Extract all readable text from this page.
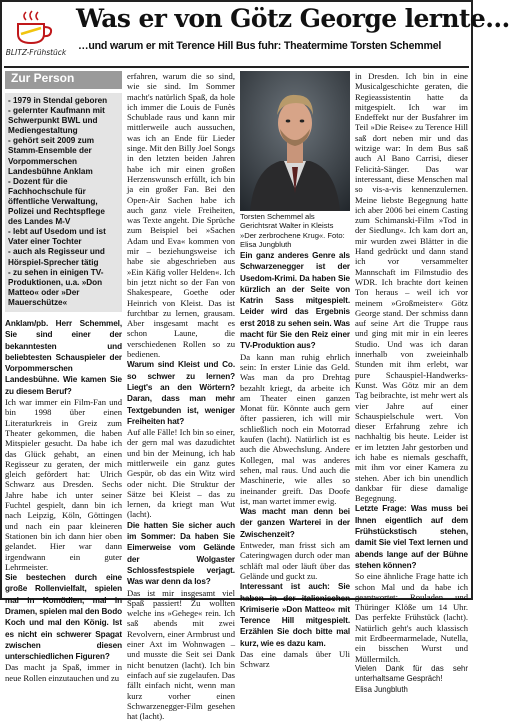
BLITZ-Frühstück
Was er von Götz George lernte…
…und warum er mit Terence Hill Bus fuhr: Theatermime Torsten Schemmel
Zur Person
- 1979 in Stendal geboren
- gelernter Kaufmann mit Schwerpunkt BWL und Mediengestaltung
- gehört seit 2009 zum Stamm-Ensemble der Vorpommerschen Landesbühne Anklam
- Dozent für die Fachhochschule für öffentliche Verwaltung, Polizei und Rechtspflege des Landes M-V
- lebt auf Usedom und ist Vater einer Tochter
- auch als Regisseur und Hörspiel-Sprecher tätig
- zu sehen in einigen TV-Produktionen, u.a. »Don Matteo« oder »Der Mauerschütze«

Anklam/pb. Herr Schemmel, Sie sind einer der bekanntesten und beliebtesten Schauspieler der Vorpommerschen Landesbühne. Wie kamen Sie zu diesem Beruf?

Ich war immer ein Film-Fan und bin 1998 über einen Literaturkreis in Greiz zum Theater gekommen, die haben Mitspieler gesucht. Da habe ich das Glück gehabt, an einen Regisseur zu geraten, der mich gleich gefördert hat: Ulrich Schwarz aus Dresden. Sechs Jahre habe ich unter seiner Fuchtel gespielt, dann bin ich nach Leipzig, Köln, Göttingen und nach ein paar kleineren Stationen bin ich dann hier oben gelandet. Hier war dann irgendwann ein guter Lehrmeister.

Sie bestechen durch eine große Rollenvielfalt, spielen mal in Komödien, mal in Dramen, spielen mal den Bodo Koch und mal den König. Ist es nicht ein schwerer Spagat zwischen diesen unterschiedlichen Figuren?

Das macht ja Spaß, immer in neue Rollen einzutauchen und zu

erfahren, warum die so sind, wie sie sind. Im Sommer macht's natürlich Spaß, da hole ich immer die Louis de Funès Schublade raus und kann mir mittlerweile auch aussuchen, was ich an Ende für Lieder singe. Mit den Billy Joel Songs in den letzten beiden Jahren habe ich mir einen großen Herzenswunsch erfüllt, ich bin ja ein großer Fan. Bei den Open-Air Sachen habe ich auch ganz viele Freiheiten, was Texte angeht. Die Sprüche zum Beispiel bei »Sachen Adam und Eva« kommen von mir – beziehungsweise ich habe sie abgeschrieben aus »Ein Käfig voller Helden«. Ich bin jetzt nicht so der Fan von Shakespeare, Goethe oder Heinrich von Kleist. Das ist furchtbar zu lernen, grausam. Aber insgesamt macht es schon Laune, die verschiedenen Rollen so zu bedienen.

Warum sind Kleist und Co. so schwer zu lernen? Liegt's an den Wörtern? Daran, dass man mehr Textgebunden ist, weniger Freiheiten hat?

Auf alle Fälle! Ich bin so einer, der gern mal was dazudichtet und bin der Meinung, ich hab mittlerweile ein ganz gutes Gespür, ob das ein Witz wird oder nicht. Die Struktur der Sätze bei Kleist – das zu lernen, da kriegt man Wut (lacht).

Die hatten Sie sicher auch im Sommer: Da haben Sie Eimerweise vom Gelände der Wolgaster Schlossfestspiele verjagt. Was war denn da los?

Das ist mir insgesamt viel Spaß passiert! Zu wollten welche ins »Gehege« rein. Ich saß abends mit zwei Revolvern, einer Armbrust und einer Axt im Wohnwagen – und musste die Seit sei Dank nicht benutzen (lacht). Ich bin einfach auf sie zugelaufen. Das fällt einfach nicht, wenn man kurz vorher einen Schwarzenegger-Film gesehen hat (lacht).

Torsten Schemmel als Gerichtsrat Walter in Kleists »Der zerbrochene Krug«. Foto: Elisa Jungbluth

Ein ganz anderes Genre als Schwarzenegger ist der Usedom-Krimi. Da haben Sie kürzlich an der Seite von Katrin Sass mitgespielt. Leider wird das Ergebnis erst 2018 zu sehen sein. Was macht für Sie den Reiz einer TV-Produktion aus?

Da kann man ruhig ehrlich sein: In erster Linie das Geld. Was man da pro Drehtag bezahlt kriegt, da arbeite ich am Theater einen ganzen Monat für. Könnte auch gern öfter passieren, ich will mir schließlich noch ein Motorrad kaufen (lacht). Natürlich ist es auch die Abwechslung. Andere Kollegen, mal was anderes sehen, mal raus. Und auch die Maschinerie, wie alles so ineinander greift. Das Doofe ist, man wartet immer ewig.

Was macht man denn bei der ganzen Warterei in der Zwischenzeit?

Entweder, man frisst sich am Cateringwagen durch oder man schläft mal oder läuft über das Gelände und guckt zu.

Interessant ist auch: Sie haben in der italienischen Krimiserie »Don Matteo« mit Terence Hill mitgespielt. Erzählen Sie doch bitte mal kurz, wie es dazu kam.

Das eine damals über Uli Schwarz

in Dresden. Ich bin in eine Musicalgeschichte geraten, die Regieassistentin hatte da mitgespielt. Ich war im Endeffekt nur der Busfahrer im Teil »Die Reise« zu Terence Hill saß dort neben mir und das witzige war: In dem Bus saß auch Al Bano Carrisi, dieser Felicità-Sänger. Das war interessant, diese Menschen mal so vis-a-vis kennenzulernen. Meine liebste Begegnung hatte ich aber 2006 bei einem Casting zum Schimanski-Film »Tod in der Siedlung«. Ich kam dort an, mir wurden zwei Blätter in die Hand gedrückt und dann stand ich vor versammelter Mannschaft im Filmstudio des WDR. Ich brachte dort keinen Ton heraus – weil ich vor meinem »Großmeister« Götz George stand. Der schmiss dann auf seine Art die Truppe raus und ging mit mir in ein leeres Studio. Und was ich daran innerhalb von zweieinhalb Stunden mit ihm erlebt, war pure Schauspiel-Handwerks-Kunst. Was Götz mir an dem Tag beibrachte, ist mehr wert als vier Jahre auf einer Schauspielschule wert. Von dieser Erfahrung zehre ich nachhaltig bis heute. Leider ist er im letzten Jahr gestorben und ich habe es niemals geschafft, mit ihm vor einer Kamera zu stehen. Aber ich bin unendlich dankbar für diese damalige Begegnung.

Letzte Frage: Was muss bei Ihnen eigentlich auf dem Frühstückstisch stehen, damit Sie viel Text lernen und abends lange auf der Bühne stehen können?

So eine ähnliche Frage hatte ich schon Mal und da habe ich geantwortet: Rouladen und Thüringer Klöße um 14 Uhr. Das perfekte Frühstück (lacht). Natürlich geht's auch klassisch mit Erdbeermarmelade, Nutella, ein bisschen Wurst und Müllermilch.

Vielen Dank für das sehr unterhaltsame Gespräch!

Elisa Jungbluth
